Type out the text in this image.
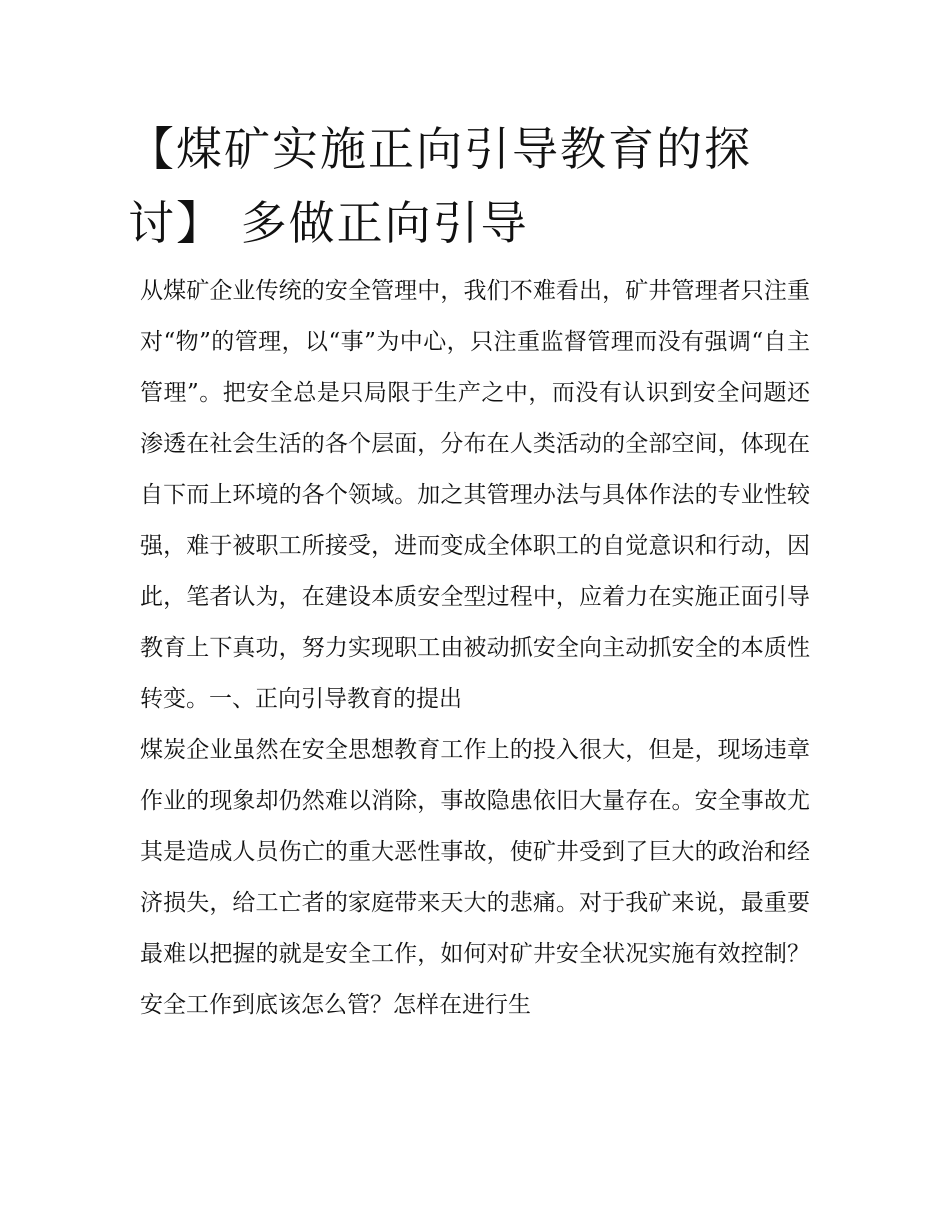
【煤矿实施正向引导教育的探讨】 多做正向引导

从煤矿企业传统的安全管理中，我们不难看出，矿井管理者只注重对“物”的管理，以“事”为中心，只注重监督管理而没有强调“自主管理”。把安全总是只局限于生产之中，而没有认识到安全问题还渗透在社会生活的各个层面，分布在人类活动的全部空间，体现在自下而上环境的各个领域。加之其管理办法与具体作法的专业性较强，难于被职工所接受，进而变成全体职工的自觉意识和行动，因此，笔者认为，在建设本质安全型过程中，应着力在实施正面引导教育上下真功，努力实现职工由被动抓安全向主动抓安全的本质性转变。一、正向引导教育的提出

煤炭企业虽然在安全思想教育工作上的投入很大，但是，现场违章作业的现象却仍然难以消除，事故隐患依旧大量存在。安全事故尤其是造成人员伤亡的重大恶性事故，使矿井受到了巨大的政治和经济损失，给工亡者的家庭带来天大的悲痛。对于我矿来说，最重要最难以把握的就是安全工作，如何对矿井安全状况实施有效控制？安全工作到底该怎么管？怎样在进行生
